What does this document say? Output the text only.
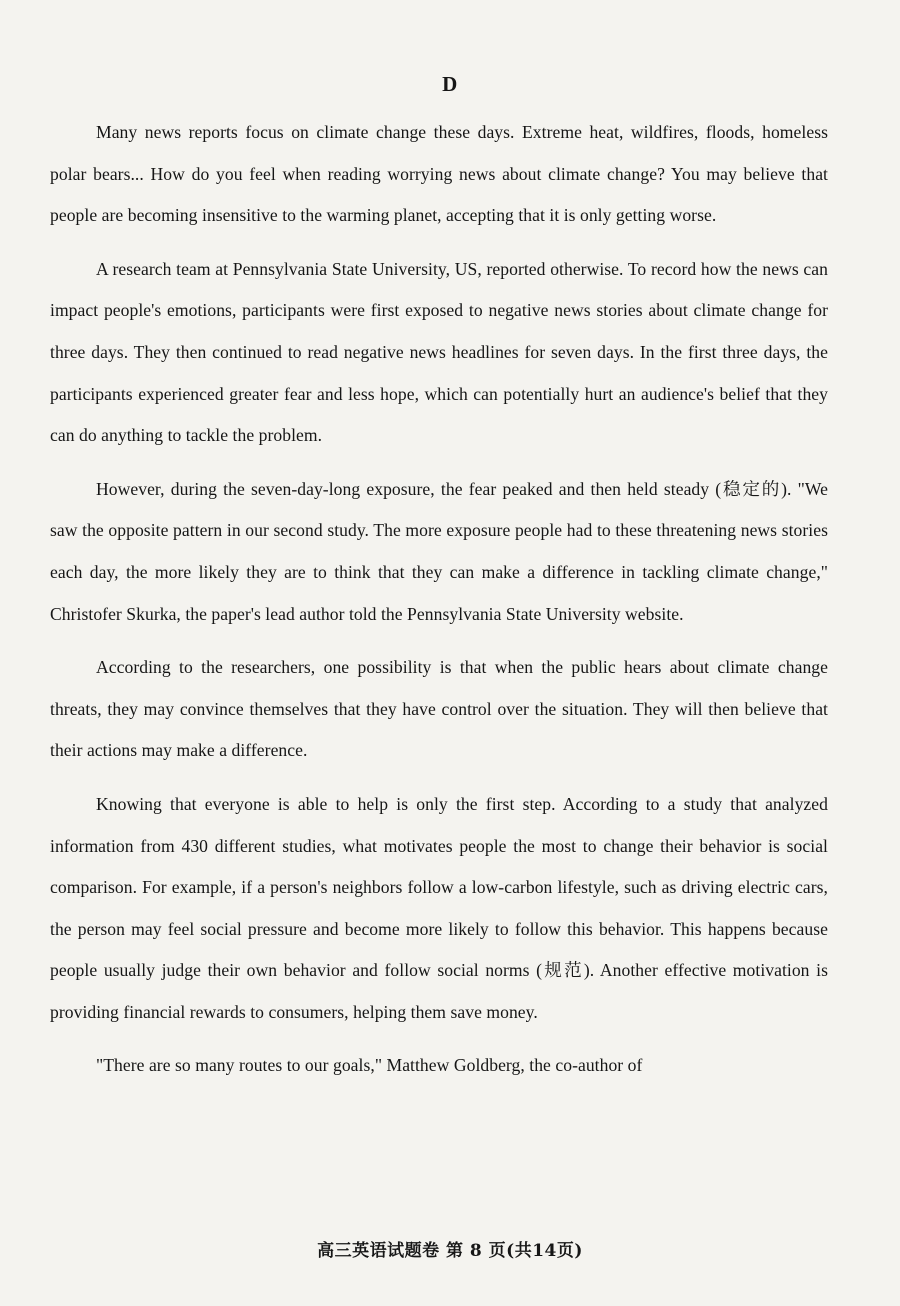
D

Many news reports focus on climate change these days. Extreme heat, wildfires, floods, homeless polar bears... How do you feel when reading worrying news about climate change? You may believe that people are becoming insensitive to the warming planet, accepting that it is only getting worse.

A research team at Pennsylvania State University, US, reported otherwise. To record how the news can impact people's emotions, participants were first exposed to negative news stories about climate change for three days. They then continued to read negative news headlines for seven days. In the first three days, the participants experienced greater fear and less hope, which can potentially hurt an audience's belief that they can do anything to tackle the problem.

However, during the seven-day-long exposure, the fear peaked and then held steady (稳定的). "We saw the opposite pattern in our second study. The more exposure people had to these threatening news stories each day, the more likely they are to think that they can make a difference in tackling climate change," Christofer Skurka, the paper's lead author told the Pennsylvania State University website.

According to the researchers, one possibility is that when the public hears about climate change threats, they may convince themselves that they have control over the situation. They will then believe that their actions may make a difference.

Knowing that everyone is able to help is only the first step. According to a study that analyzed information from 430 different studies, what motivates people the most to change their behavior is social comparison. For example, if a person's neighbors follow a low-carbon lifestyle, such as driving electric cars, the person may feel social pressure and become more likely to follow this behavior. This happens because people usually judge their own behavior and follow social norms (规范). Another effective motivation is providing financial rewards to consumers, helping them save money.

"There are so many routes to our goals," Matthew Goldberg, the co-author of

高三英语试题卷 第 8 页(共14页)
